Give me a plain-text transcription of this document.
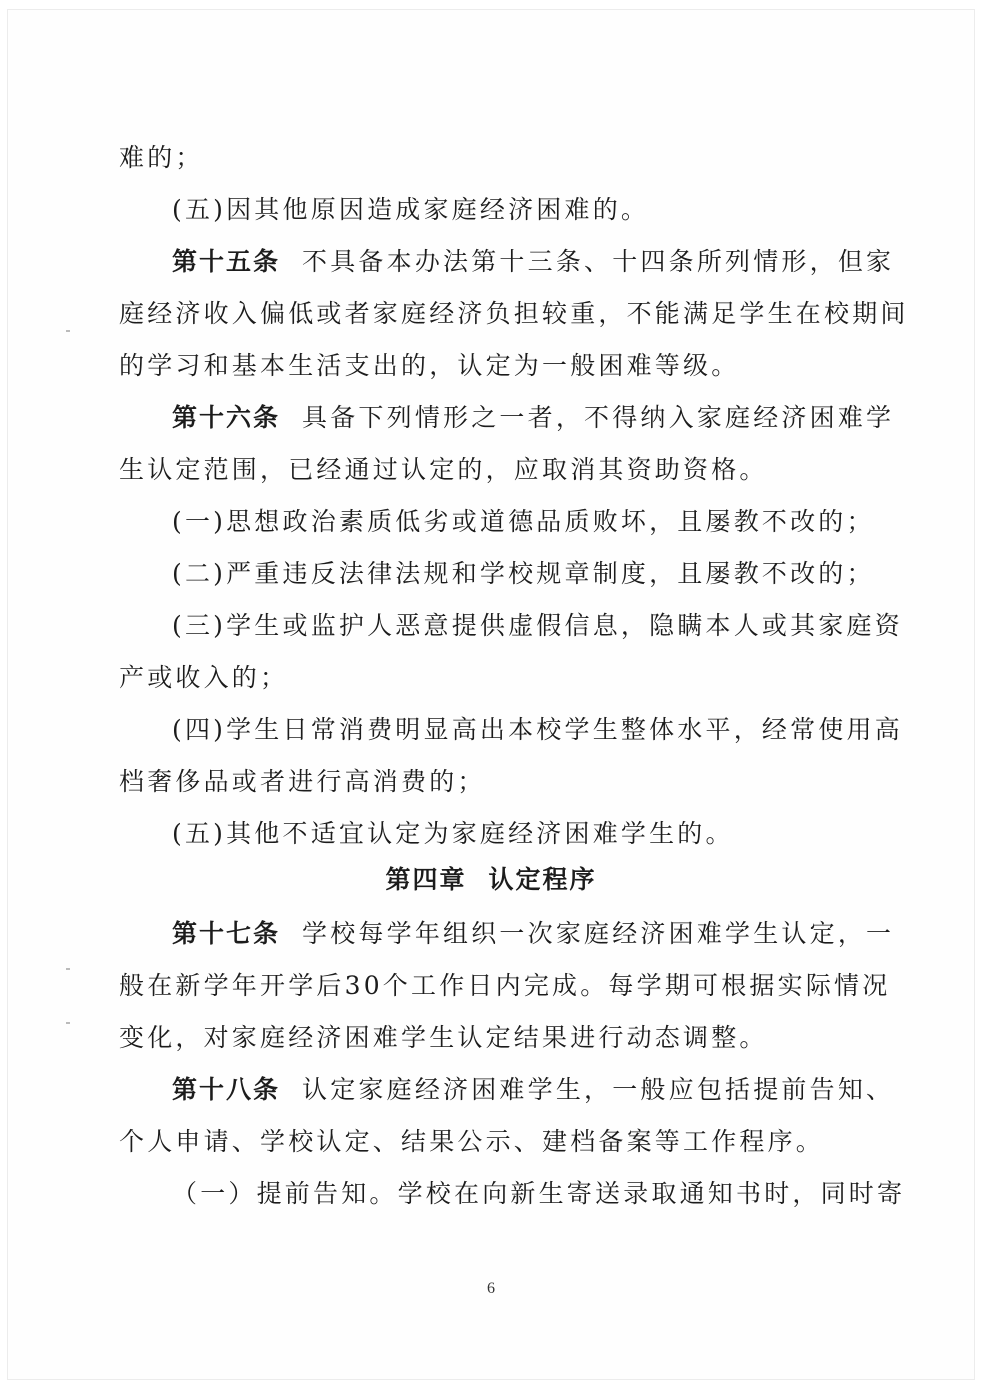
难的；
(五)因其他原因造成家庭经济困难的。
第十五条 不具备本办法第十三条、十四条所列情形，但家
庭经济收入偏低或者家庭经济负担较重，不能满足学生在校期间
的学习和基本生活支出的，认定为一般困难等级。
第十六条 具备下列情形之一者，不得纳入家庭经济困难学
生认定范围，已经通过认定的，应取消其资助资格。
(一)思想政治素质低劣或道德品质败坏，且屡教不改的；
(二)严重违反法律法规和学校规章制度，且屡教不改的；
(三)学生或监护人恶意提供虚假信息，隐瞒本人或其家庭资
产或收入的；
(四)学生日常消费明显高出本校学生整体水平，经常使用高
档奢侈品或者进行高消费的；
(五)其他不适宜认定为家庭经济困难学生的。
第四章 认定程序
第十七条 学校每学年组织一次家庭经济困难学生认定，一
般在新学年开学后30个工作日内完成。每学期可根据实际情况
变化，对家庭经济困难学生认定结果进行动态调整。
第十八条 认定家庭经济困难学生，一般应包括提前告知、
个人申请、学校认定、结果公示、建档备案等工作程序。
（一）提前告知。学校在向新生寄送录取通知书时，同时寄
6
